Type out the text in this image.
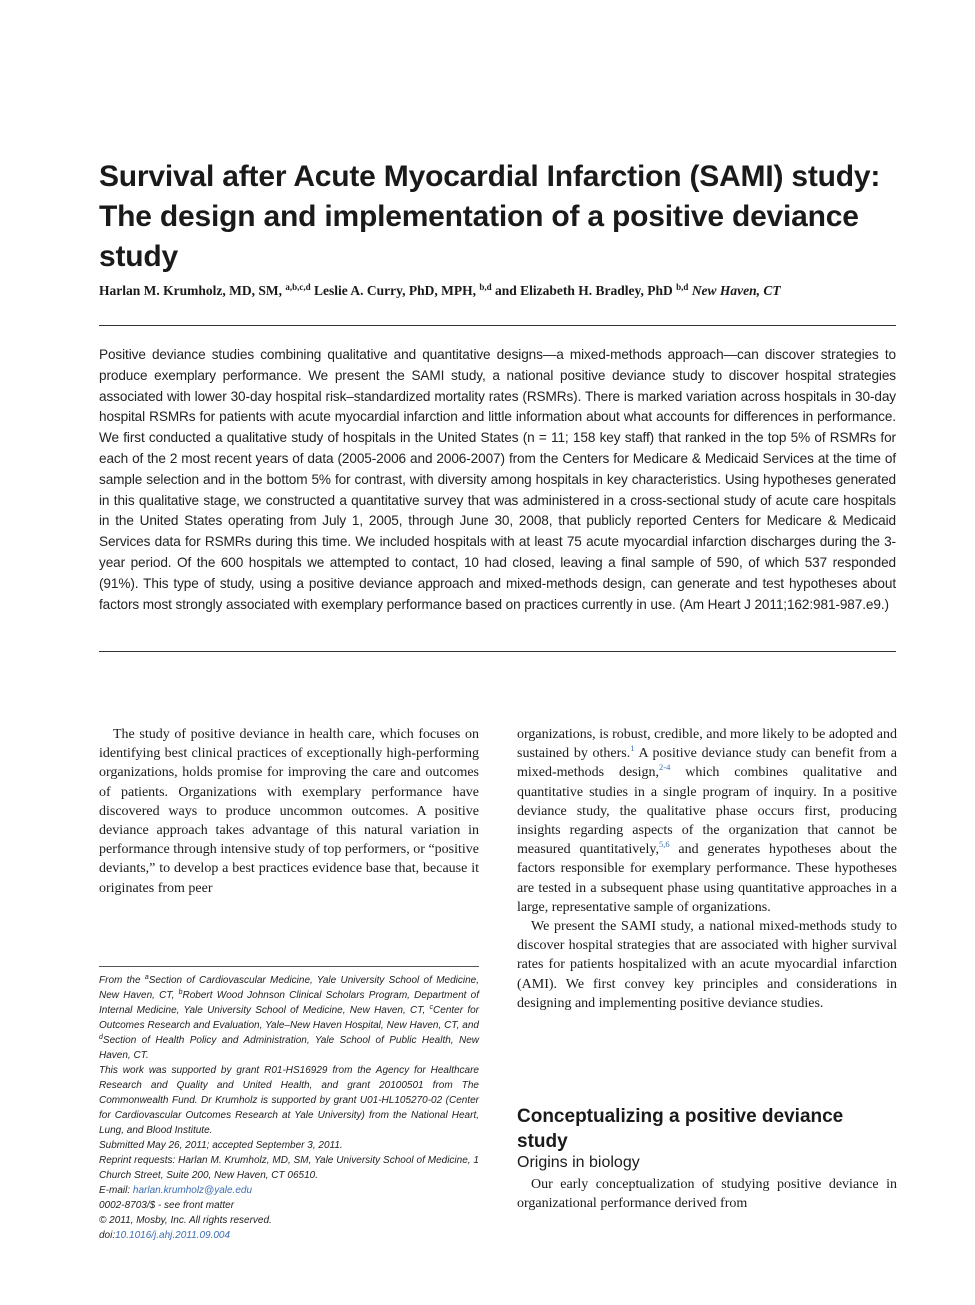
Survival after Acute Myocardial Infarction (SAMI) study: The design and implementation of a positive deviance study
Harlan M. Krumholz, MD, SM, $^{a,b,c,d}$ Leslie A. Curry, PhD, MPH, $^{b,d}$ and Elizabeth H. Bradley, PhD $^{b,d}$ New Haven, CT

Positive deviance studies combining qualitative and quantitative designs—a mixed-methods approach—can discover strategies to produce exemplary performance. We present the SAMI study, a national positive deviance study to discover hospital strategies associated with lower 30-day hospital risk–standardized mortality rates (RSMRs). There is marked variation across hospitals in 30-day hospital RSMRs for patients with acute myocardial infarction and little information about what accounts for differences in performance. We first conducted a qualitative study of hospitals in the United States (n = 11; 158 key staff) that ranked in the top 5% of RSMRs for each of the 2 most recent years of data (2005-2006 and 2006-2007) from the Centers for Medicare & Medicaid Services at the time of sample selection and in the bottom 5% for contrast, with diversity among hospitals in key characteristics. Using hypotheses generated in this qualitative stage, we constructed a quantitative survey that was administered in a cross-sectional study of acute care hospitals in the United States operating from July 1, 2005, through June 30, 2008, that publicly reported Centers for Medicare & Medicaid Services data for RSMRs during this time. We included hospitals with at least 75 acute myocardial infarction discharges during the 3-year period. Of the 600 hospitals we attempted to contact, 10 had closed, leaving a final sample of 590, of which 537 responded (91%). This type of study, using a positive deviance approach and mixed-methods design, can generate and test hypotheses about factors most strongly associated with exemplary performance based on practices currently in use. (Am Heart J 2011;162:981-987.e9.)

The study of positive deviance in health care, which focuses on identifying best clinical practices of exceptionally high-performing organizations, holds promise for improving the care and outcomes of patients. Organizations with exemplary performance have discovered ways to produce uncommon outcomes. A positive deviance approach takes advantage of this natural variation in performance through intensive study of top performers, or “positive deviants,” to develop a best practices evidence base that, because it originates from peer

From the $^a$Section of Cardiovascular Medicine, Yale University School of Medicine, New Haven, CT, $^b$Robert Wood Johnson Clinical Scholars Program, Department of Internal Medicine, Yale University School of Medicine, New Haven, CT, $^c$Center for Outcomes Research and Evaluation, Yale–New Haven Hospital, New Haven, CT, and $^d$Section of Health Policy and Administration, Yale School of Public Health, New Haven, CT.
This work was supported by grant R01-HS16929 from the Agency for Healthcare Research and Quality and United Health, and grant 20100501 from The Commonwealth Fund. Dr Krumholz is supported by grant U01-HL105270-02 (Center for Cardiovascular Outcomes Research at Yale University) from the National Heart, Lung, and Blood Institute.
Submitted May 26, 2011; accepted September 3, 2011.
Reprint requests: Harlan M. Krumholz, MD, SM, Yale University School of Medicine, 1 Church Street, Suite 200, New Haven, CT 06510.
E-mail: harlan.krumholz@yale.edu
0002-8703/$ - see front matter
© 2011, Mosby, Inc. All rights reserved.
doi:10.1016/j.ahj.2011.09.004

organizations, is robust, credible, and more likely to be adopted and sustained by others.$^1$ A positive deviance study can benefit from a mixed-methods design,$^{2-4}$ which combines qualitative and quantitative studies in a single program of inquiry. In a positive deviance study, the qualitative phase occurs first, producing insights regarding aspects of the organization that cannot be measured quantitatively,$^{5,6}$ and generates hypotheses about the factors responsible for exemplary performance. These hypotheses are tested in a subsequent phase using quantitative approaches in a large, representative sample of organizations.

We present the SAMI study, a national mixed-methods study to discover hospital strategies that are associated with higher survival rates for patients hospitalized with an acute myocardial infarction (AMI). We first convey key principles and considerations in designing and implementing positive deviance studies.

Conceptualizing a positive deviance study
Origins in biology

Our early conceptualization of studying positive deviance in organizational performance derived from
